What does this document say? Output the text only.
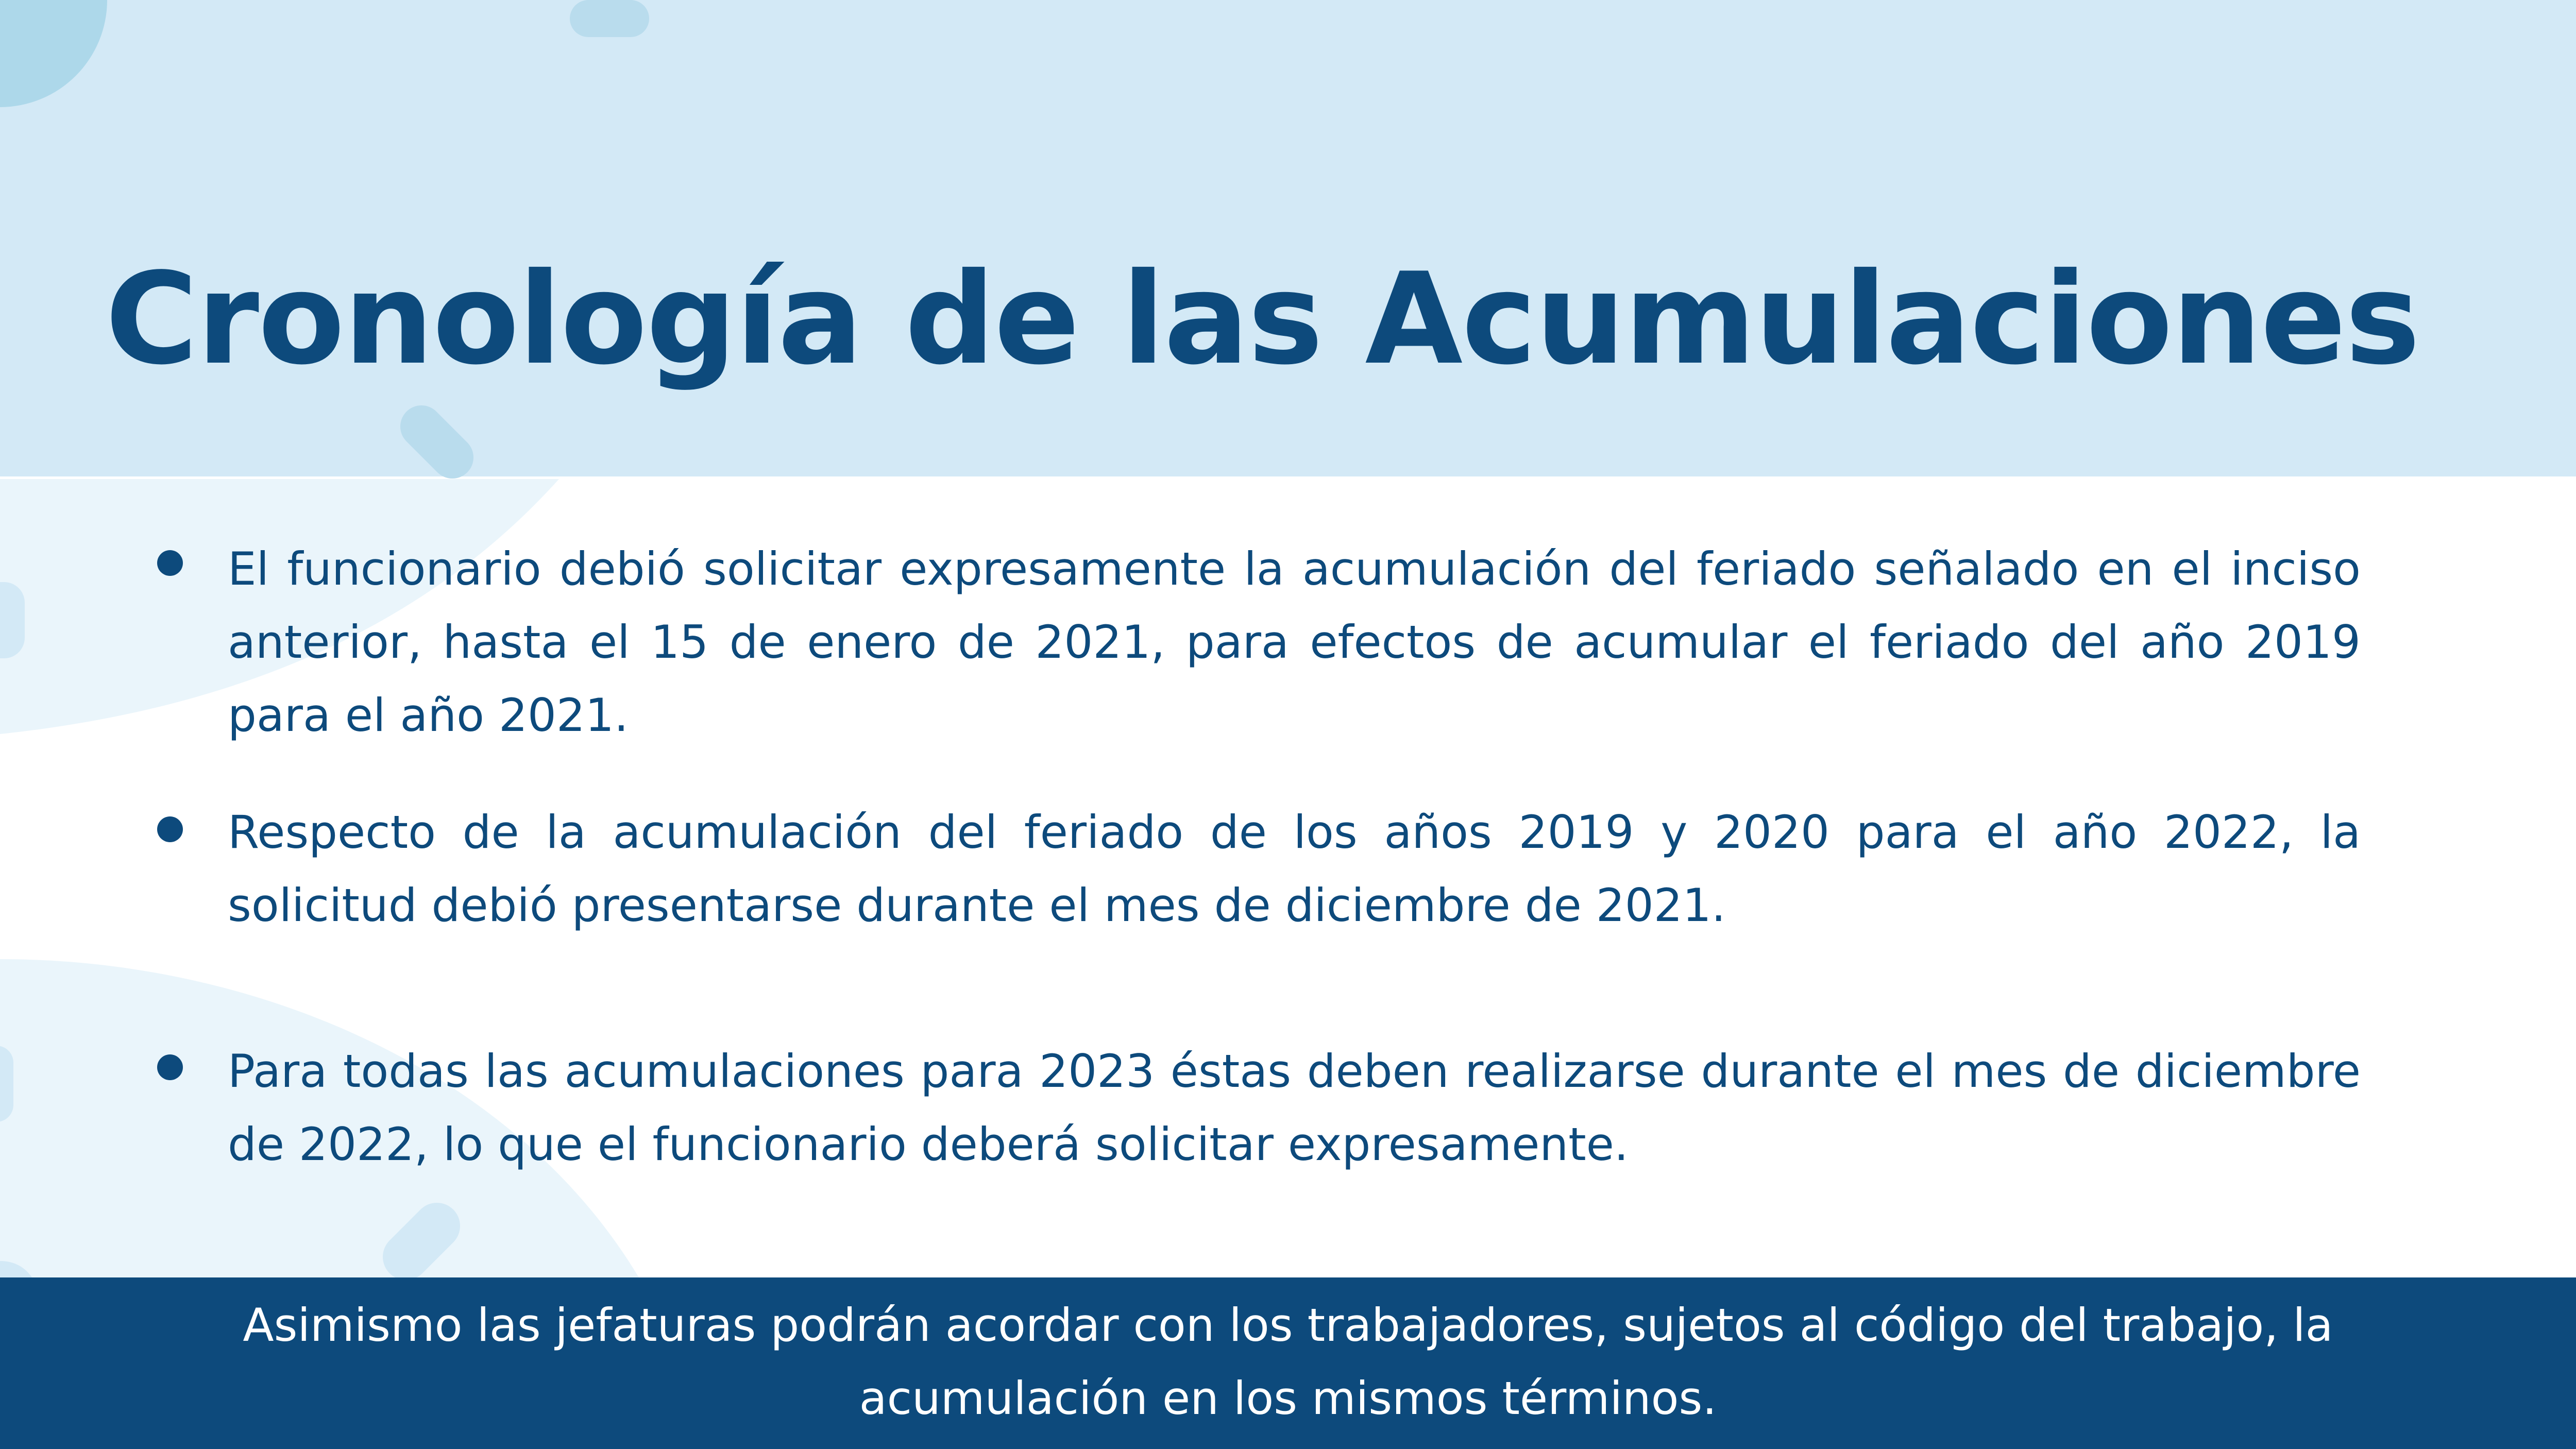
Cronología de las Acumulaciones

El funcionario debió solicitar expresamente la acumulación del feriado señalado en el inciso anterior, hasta el 15 de enero de 2021, para efectos de acumular el feriado del año 2019 para el año 2021.

Respecto de la acumulación del feriado de los años 2019 y 2020 para el año 2022, la solicitud debió presentarse durante el mes de diciembre de 2021.

Para todas las acumulaciones para 2023 éstas deben realizarse durante el mes de diciembre de 2022, lo que el funcionario deberá solicitar expresamente.

Asimismo las jefaturas podrán acordar con los trabajadores, sujetos al código del trabajo, la acumulación en los mismos términos.
